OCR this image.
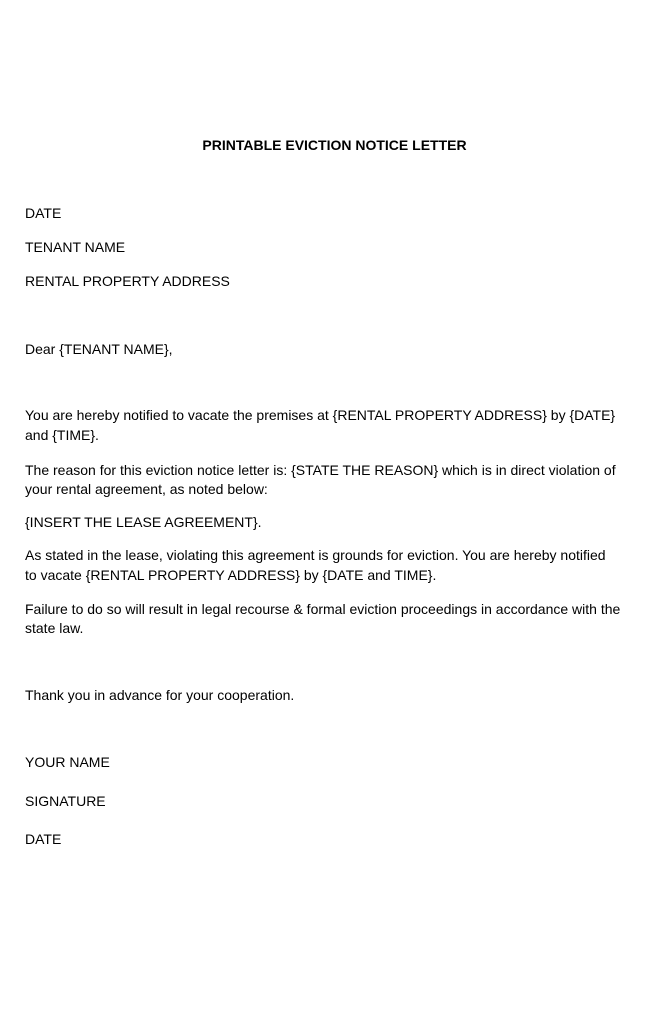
PRINTABLE EVICTION NOTICE LETTER
DATE
TENANT NAME
RENTAL PROPERTY ADDRESS
Dear {TENANT NAME},
You are hereby notified to vacate the premises at {RENTAL PROPERTY ADDRESS} by {DATE}
and {TIME}.
The reason for this eviction notice letter is: {STATE THE REASON} which is in direct violation of
your rental agreement, as noted below:
{INSERT THE LEASE AGREEMENT}.
As stated in the lease, violating this agreement is grounds for eviction. You are hereby notified
to vacate {RENTAL PROPERTY ADDRESS} by {DATE and TIME}.
Failure to do so will result in legal recourse & formal eviction proceedings in accordance with the
state law.
Thank you in advance for your cooperation.
YOUR NAME
SIGNATURE
DATE
